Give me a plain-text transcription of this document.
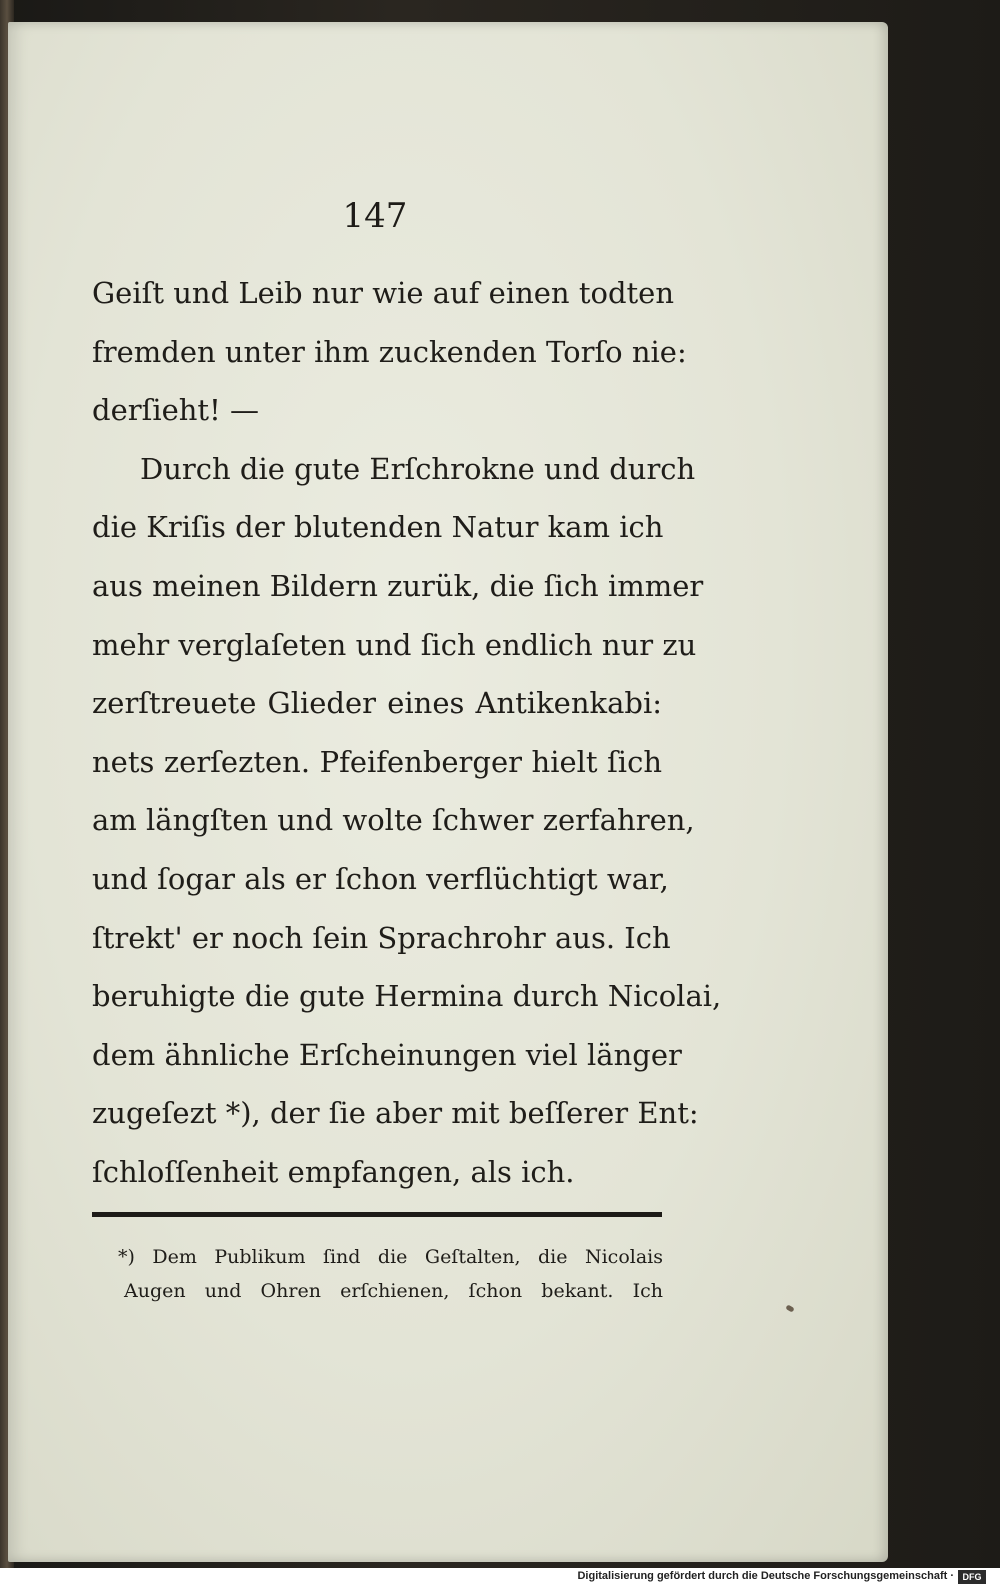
147
Geiſt und Leib nur wie auf einen todten
fremden unter ihm zuckenden Torſo nie:
derſieht! —
Durch die gute Erſchrokne und durch
die Kriſis der blutenden Natur kam ich
aus meinen Bildern zurük, die ſich immer
mehr verglaſeten und ſich endlich nur zu
zerſtreuete Glieder eines Antikenkabi:
nets zerſezten. Pfeifenberger hielt ſich
am längſten und wolte ſchwer zerfahren,
und ſogar als er ſchon verflüchtigt war,
ſtrekt' er noch ſein Sprachrohr aus. Ich
beruhigte die gute Hermina durch Nicolai,
dem ähnliche Erſcheinungen viel länger
zugeſezt *), der ſie aber mit beſſerer Ent:
ſchloſſenheit empfangen, als ich.
*) Dem Publikum ſind die Geſtalten, die Nicolais
Augen und Ohren erſchienen, ſchon bekant. Ich
Digitalisierung gefördert durch die Deutsche Forschungsgemeinschaft · DFG
